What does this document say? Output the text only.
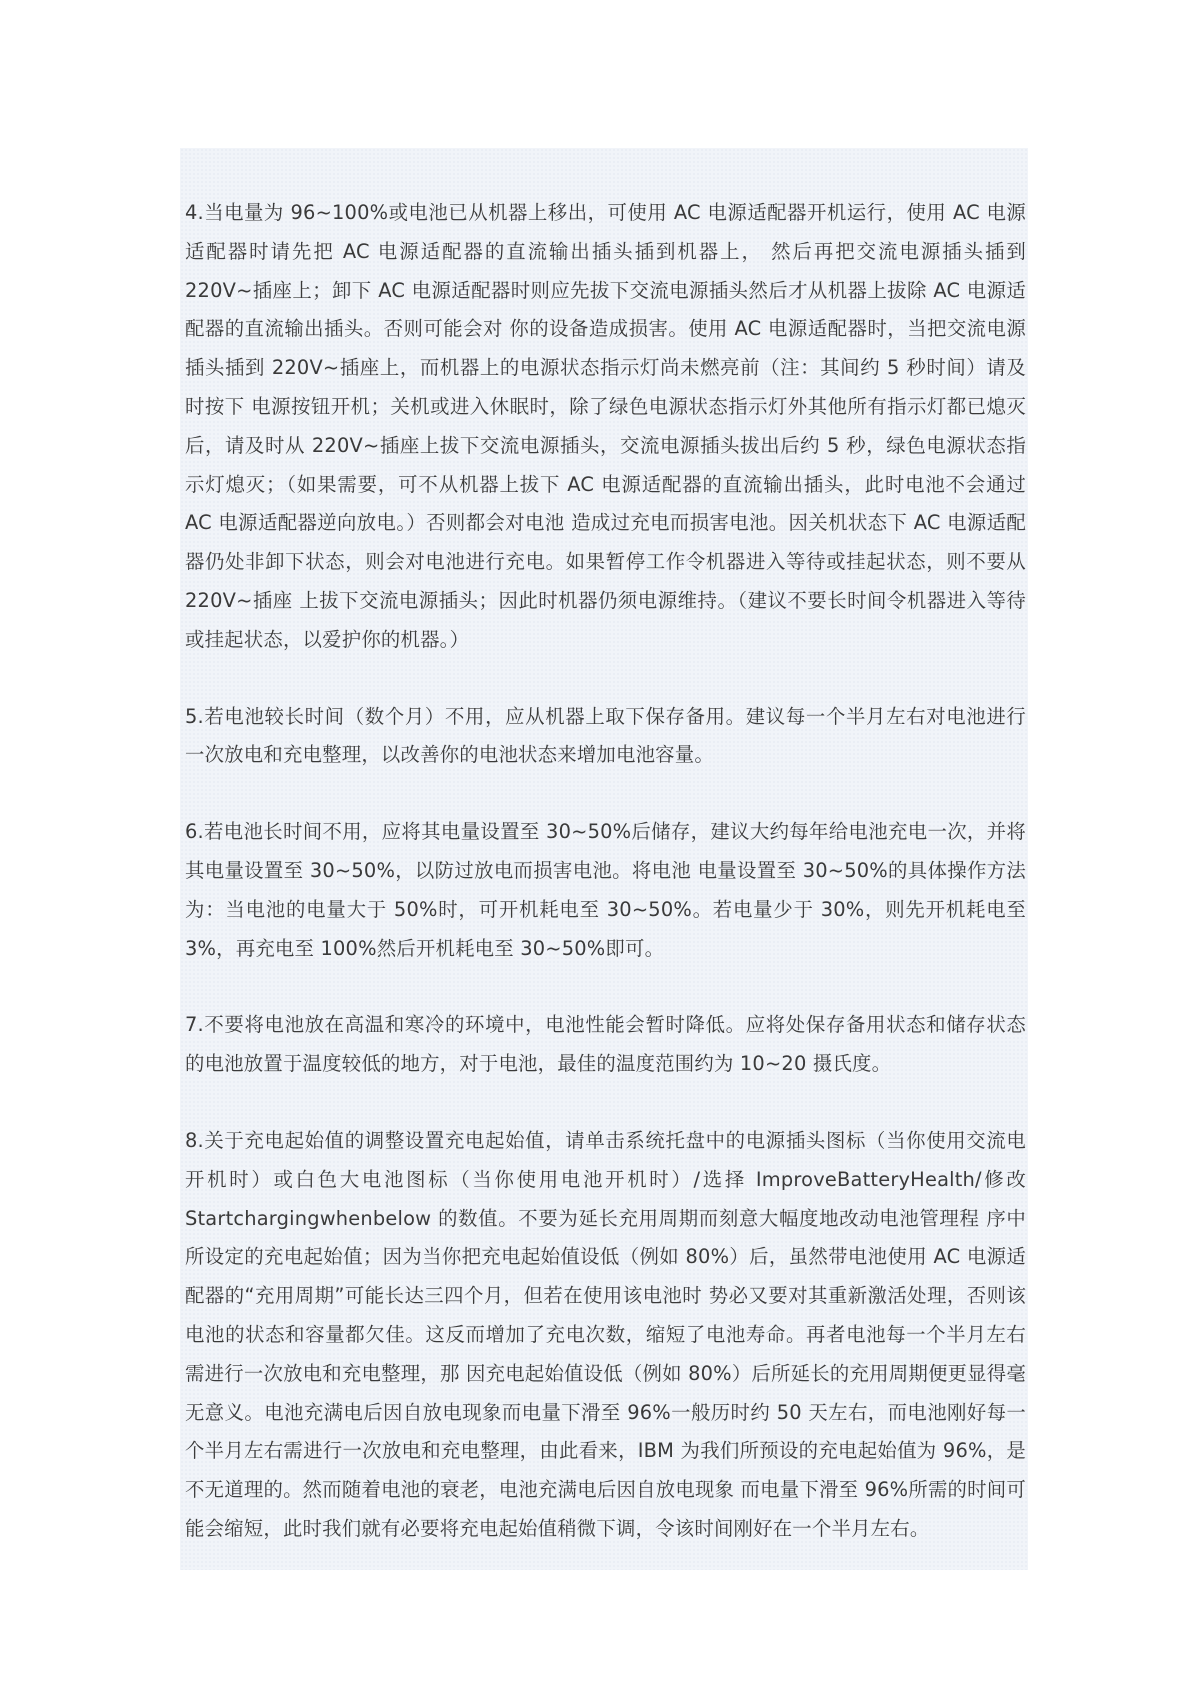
4.当电量为 96~100%或电池已从机器上移出，可使用 AC 电源适配器开机运行，使用 AC 电源适配器时请先把 AC 电源适配器的直流输出插头插到机器上， 然后再把交流电源插头插到 220V~插座上；卸下 AC 电源适配器时则应先拔下交流电源插头然后才从机器上拔除 AC 电源适配器的直流输出插头。否则可能会对 你的设备造成损害。使用 AC 电源适配器时，当把交流电源插头插到 220V~插座上，而机器上的电源状态指示灯尚未燃亮前（注：其间约 5 秒时间）请及时按下 电源按钮开机；关机或进入休眠时，除了绿色电源状态指示灯外其他所有指示灯都已熄灭后，请及时从 220V~插座上拔下交流电源插头，交流电源插头拔出后约 5 秒，绿色电源状态指示灯熄灭；（如果需要，可不从机器上拔下 AC 电源适配器的直流输出插头，此时电池不会通过 AC 电源适配器逆向放电。）否则都会对电池 造成过充电而损害电池。因关机状态下 AC 电源适配器仍处非卸下状态，则会对电池进行充电。如果暂停工作令机器进入等待或挂起状态，则不要从 220V~插座 上拔下交流电源插头；因此时机器仍须电源维持。（建议不要长时间令机器进入等待或挂起状态，以爱护你的机器。）

5.若电池较长时间（数个月）不用，应从机器上取下保存备用。建议每一个半月左右对电池进行一次放电和充电整理，以改善你的电池状态来增加电池容量。

6.若电池长时间不用，应将其电量设置至 30~50%后储存，建议大约每年给电池充电一次，并将其电量设置至 30~50%，以防过放电而损害电池。将电池 电量设置至 30~50%的具体操作方法为：当电池的电量大于 50%时，可开机耗电至 30~50%。若电量少于 30%，则先开机耗电至 3%，再充电至 100%然后开机耗电至 30~50%即可。

7.不要将电池放在高温和寒冷的环境中，电池性能会暂时降低。应将处保存备用状态和储存状态的电池放置于温度较低的地方，对于电池，最佳的温度范围约为 10~20 摄氏度。

8.关于充电起始值的调整设置充电起始值，请单击系统托盘中的电源插头图标（当你使用交流电开机时）或白色大电池图标（当你使用电池开机时）/选择 ImproveBatteryHealth/修改 Startchargingwhenbelow 的数值。不要为延长充用周期而刻意大幅度地改动电池管理程 序中所设定的充电起始值；因为当你把充电起始值设低（例如 80%）后，虽然带电池使用 AC 电源适配器的“充用周期”可能长达三四个月，但若在使用该电池时 势必又要对其重新激活处理，否则该电池的状态和容量都欠佳。这反而增加了充电次数，缩短了电池寿命。再者电池每一个半月左右需进行一次放电和充电整理，那 因充电起始值设低（例如 80%）后所延长的充用周期便更显得毫无意义。电池充满电后因自放电现象而电量下滑至 96%一般历时约 50 天左右，而电池刚好每一 个半月左右需进行一次放电和充电整理，由此看来，IBM 为我们所预设的充电起始值为 96%，是不无道理的。然而随着电池的衰老，电池充满电后因自放电现象 而电量下滑至 96%所需的时间可能会缩短，此时我们就有必要将充电起始值稍微下调，令该时间刚好在一个半月左右。
